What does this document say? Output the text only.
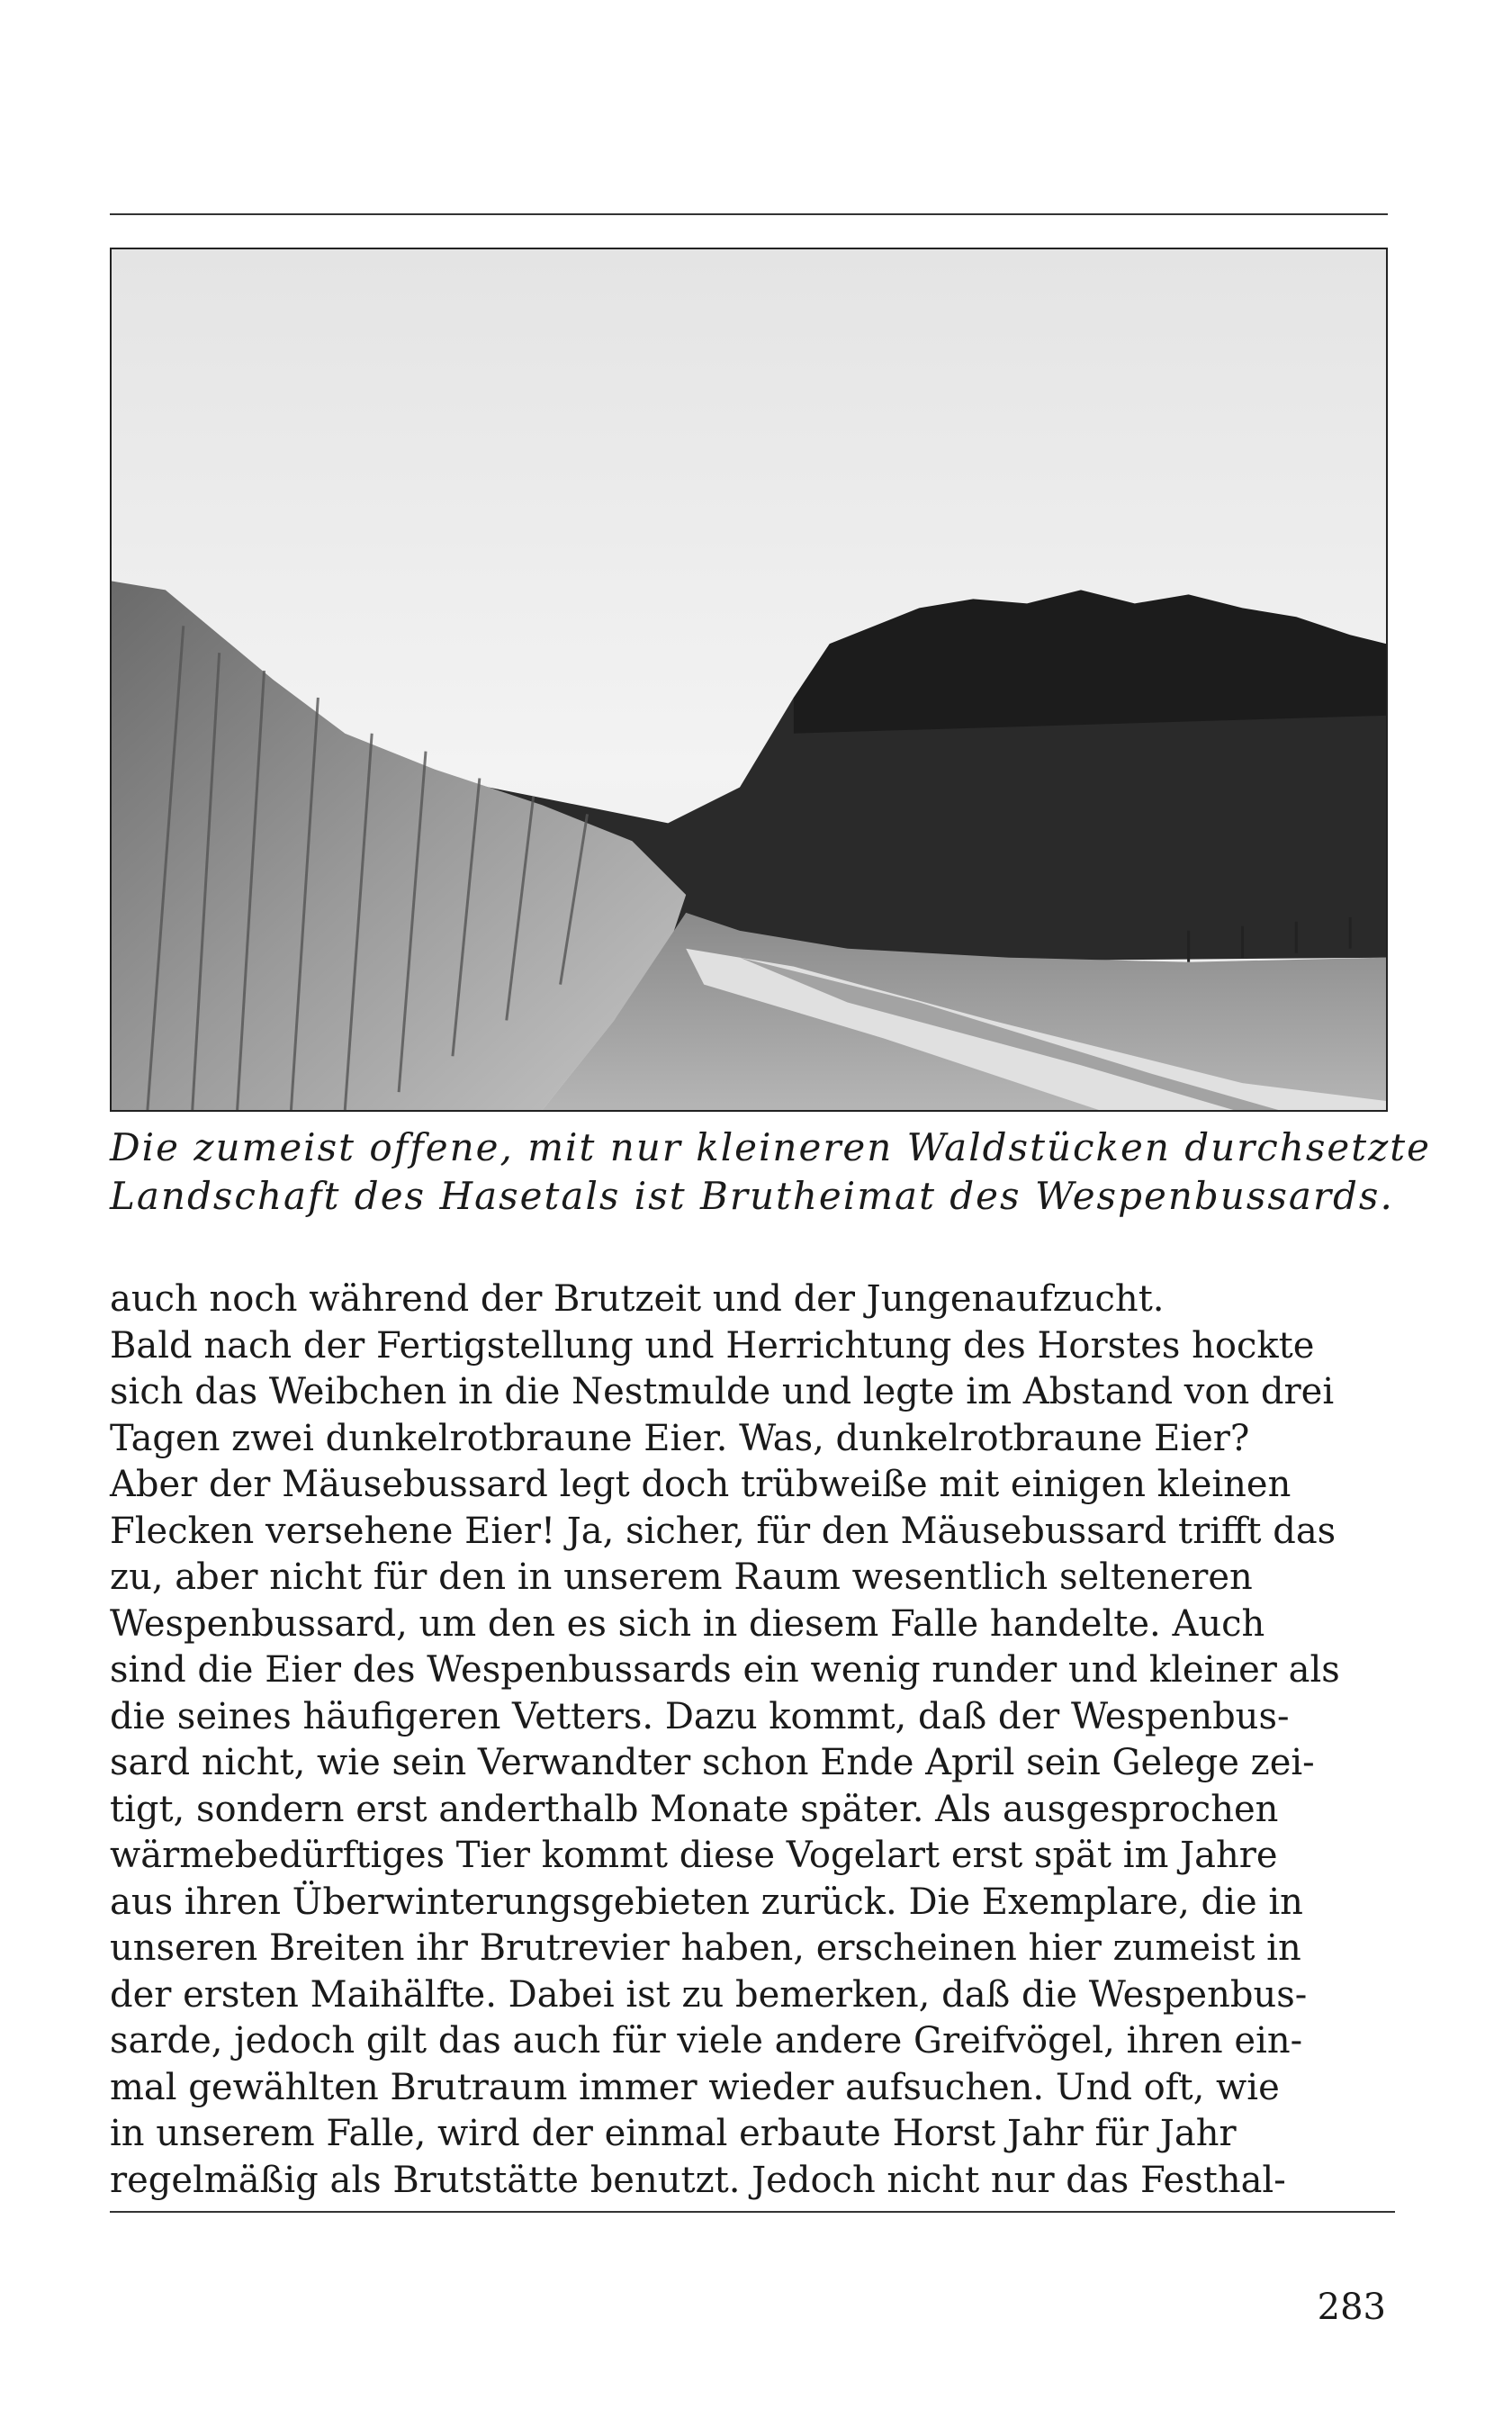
Die zumeist offene, mit nur kleineren Waldstücken durchsetzte
Landschaft des Hasetals ist Brutheimat des Wespenbussards.

auch noch während der Brutzeit und der Jungenaufzucht.
Bald nach der Fertigstellung und Herrichtung des Horstes hockte
sich das Weibchen in die Nestmulde und legte im Abstand von drei
Tagen zwei dunkelrotbraune Eier. Was, dunkelrotbraune Eier?
Aber der Mäusebussard legt doch trübweiße mit einigen kleinen
Flecken versehene Eier! Ja, sicher, für den Mäusebussard trifft das
zu, aber nicht für den in unserem Raum wesentlich selteneren
Wespenbussard, um den es sich in diesem Falle handelte. Auch
sind die Eier des Wespenbussards ein wenig runder und kleiner als
die seines häufigeren Vetters. Dazu kommt, daß der Wespenbus-
sard nicht, wie sein Verwandter schon Ende April sein Gelege zei-
tigt, sondern erst anderthalb Monate später. Als ausgesprochen
wärmebedürftiges Tier kommt diese Vogelart erst spät im Jahre
aus ihren Überwinterungsgebieten zurück. Die Exemplare, die in
unseren Breiten ihr Brutrevier haben, erscheinen hier zumeist in
der ersten Maihälfte. Dabei ist zu bemerken, daß die Wespenbus-
sarde, jedoch gilt das auch für viele andere Greifvögel, ihren ein-
mal gewählten Brutraum immer wieder aufsuchen. Und oft, wie
in unserem Falle, wird der einmal erbaute Horst Jahr für Jahr
regelmäßig als Brutstätte benutzt. Jedoch nicht nur das Festhal-

283
